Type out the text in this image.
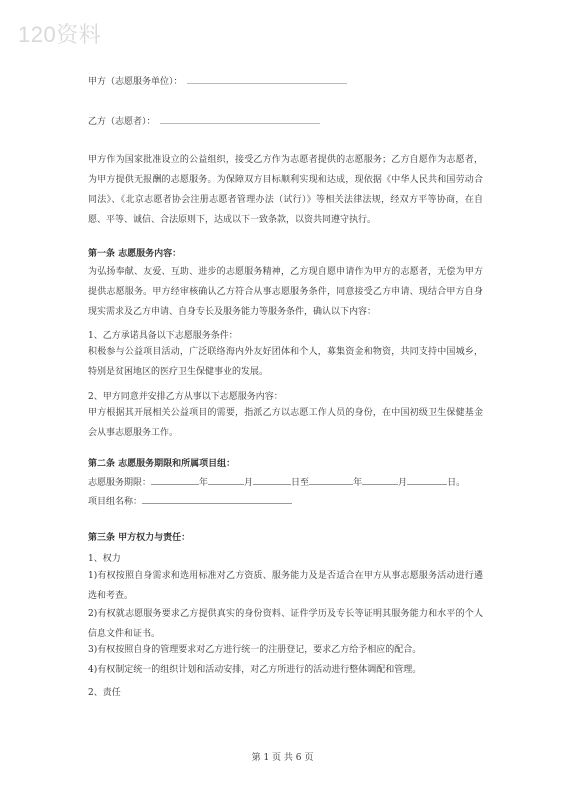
120资料
甲方（志愿服务单位）：
乙方（志愿者）：

甲方作为国家批准设立的公益组织，接受乙方作为志愿者提供的志愿服务；乙方自愿作为志愿者，为甲方提供无报酬的志愿服务。为保障双方目标顺利实现和达成，现依据《中华人民共和国劳动合同法》、《北京志愿者协会注册志愿者管理办法（试行）》等相关法律法规，经双方平等协商，在自愿、平等、诚信、合法原则下，达成以下一致条款，以资共同遵守执行。

第一条 志愿服务内容：

为弘扬奉献、友爱、互助、进步的志愿服务精神，乙方现自愿申请作为甲方的志愿者，无偿为甲方提供志愿服务。甲方经审核确认乙方符合从事志愿服务条件，同意接受乙方申请、现结合甲方自身现实需求及乙方申请、自身专长及服务能力等服务条件，确认以下内容：

1、乙方承诺具备以下志愿服务条件：

积极参与公益项目活动，广泛联络海内外友好团体和个人，募集资金和物资，共同支持中国城乡，特别是贫困地区的医疗卫生保健事业的发展。

2、甲方同意并安排乙方从事以下志愿服务内容：

甲方根据其开展相关公益项目的需要，指派乙方以志愿工作人员的身份，在中国初级卫生保健基金会从事志愿服务工作。

第二条 志愿服务期限和所属项目组：
志愿服务期限：	年	月	日至	年	月	日。
项目组名称：
第三条 甲方权力与责任：
1、权力

1)有权按照自身需求和选用标准对乙方资质、服务能力及是否适合在甲方从事志愿服务活动进行遴选和考查。

2)有权就志愿服务要求乙方提供真实的身份资料、证件学历及专长等证明其服务能力和水平的个人信息文件和证书。

3)有权按照自身的管理要求对乙方进行统一的注册登记，要求乙方给予相应的配合。

4)有权制定统一的组织计划和活动安排，对乙方所进行的活动进行整体调配和管理。

2、责任
第 1 页 共 6 页
